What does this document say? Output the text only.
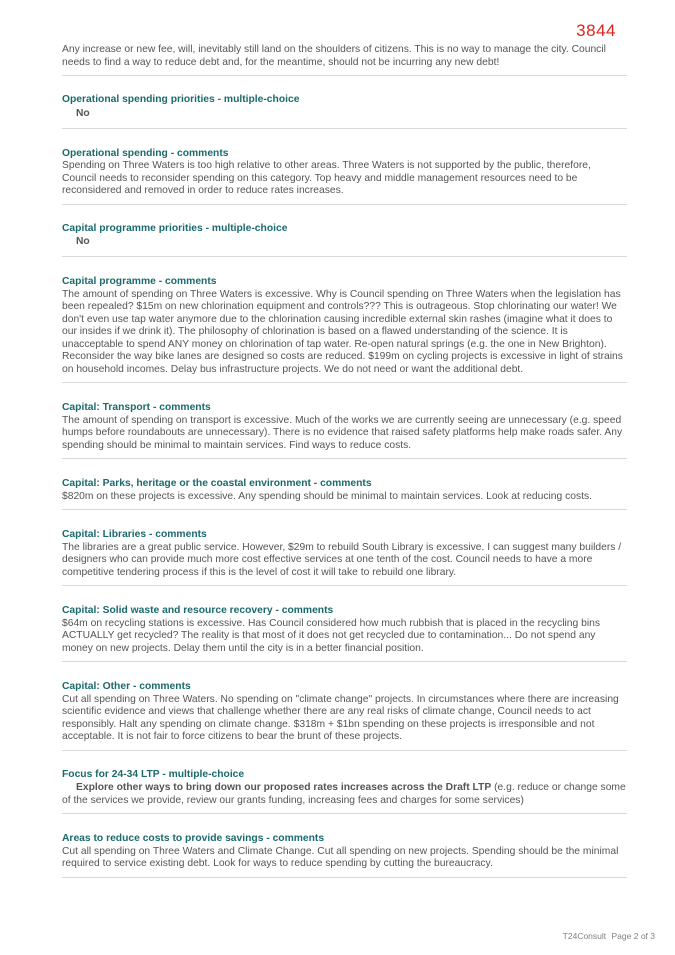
3844
Any increase or new fee, will, inevitably still land on the shoulders of citizens. This is no way to manage the city. Council needs to find a way to reduce debt and, for the meantime, should not be incurring any new debt!
Operational spending priorities - multiple-choice
No
Operational spending - comments
Spending on Three Waters is too high relative to other areas. Three Waters is not supported by the public, therefore, Council needs to reconsider spending on this category. Top heavy and middle management resources need to be reconsidered and removed in order to reduce rates increases.
Capital programme priorities - multiple-choice
No
Capital programme - comments
The amount of spending on Three Waters is excessive. Why is Council spending on Three Waters when the legislation has been repealed? $15m on new chlorination equipment and controls??? This is outrageous. Stop chlorinating our water! We don't even use tap water anymore due to the chlorination causing incredible external skin rashes (imagine what it does to our insides if we drink it). The philosophy of chlorination is based on a flawed understanding of the science. It is unacceptable to spend ANY money on chlorination of tap water. Re-open natural springs (e.g. the one in New Brighton). Reconsider the way bike lanes are designed so costs are reduced. $199m on cycling projects is excessive in light of strains on household incomes. Delay bus infrastructure projects. We do not need or want the additional debt.
Capital: Transport - comments
The amount of spending on transport is excessive. Much of the works we are currently seeing are unnecessary (e.g. speed humps before roundabouts are unnecessary). There is no evidence that raised safety platforms help make roads safer. Any spending should be minimal to maintain services. Find ways to reduce costs.
Capital: Parks, heritage or the coastal environment - comments
$820m on these projects is excessive. Any spending should be minimal to maintain services. Look at reducing costs.
Capital: Libraries - comments
The libraries are a great public service. However, $29m to rebuild South Library is excessive. I can suggest many builders / designers who can provide much more cost effective services at one tenth of the cost. Council needs to have a more competitive tendering process if this is the level of cost it will take to rebuild one library.
Capital: Solid waste and resource recovery - comments
$64m on recycling stations is excessive. Has Council considered how much rubbish that is placed in the recycling bins ACTUALLY get recycled? The reality is that most of it does not get recycled due to contamination... Do not spend any money on new projects. Delay them until the city is in a better financial position.
Capital: Other - comments
Cut all spending on Three Waters. No spending on "climate change" projects. In circumstances where there are increasing scientific evidence and views that challenge whether there are any real risks of climate change, Council needs to act responsibly. Halt any spending on climate change. $318m + $1bn spending on these projects is irresponsible and not acceptable. It is not fair to force citizens to bear the brunt of these projects.
Focus for 24-34 LTP - multiple-choice
Explore other ways to bring down our proposed rates increases across the Draft LTP (e.g. reduce or change some of the services we provide, review our grants funding, increasing fees and charges for some services)
Areas to reduce costs to provide savings - comments
Cut all spending on Three Waters and Climate Change. Cut all spending on new projects. Spending should be the minimal required to service existing debt. Look for ways to reduce spending by cutting the bureaucracy.
T24Consult Page 2 of 3
